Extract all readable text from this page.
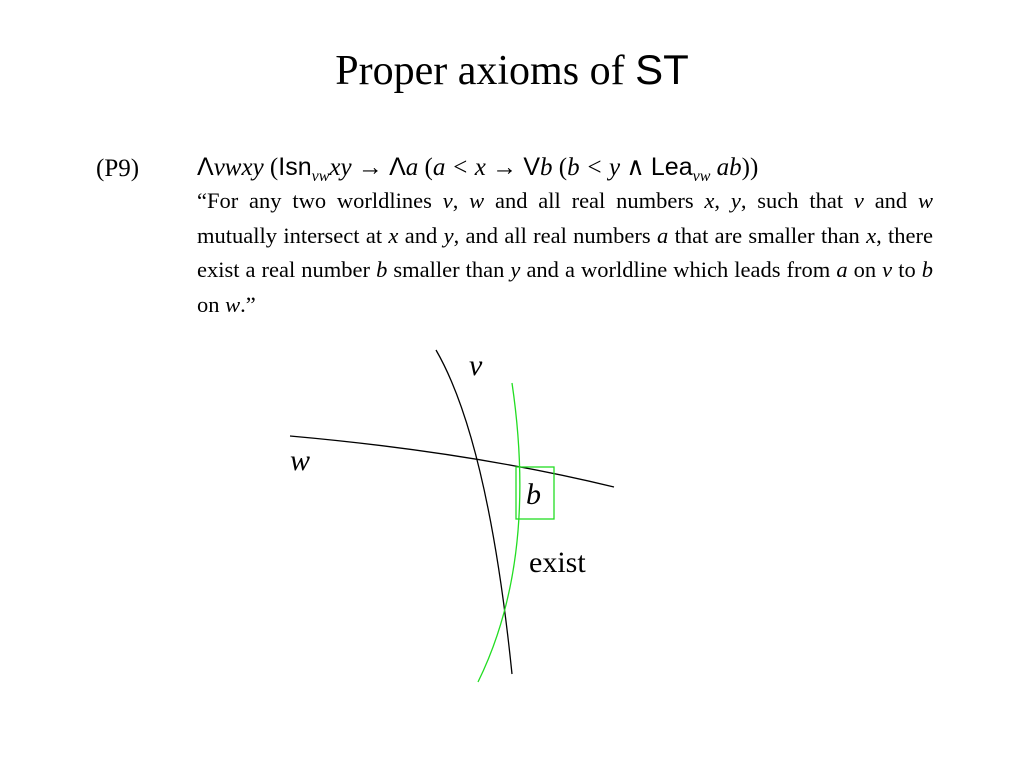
Proper axioms of ST
(P9) Λvwxy (Isn$_{vw}$xy → Λa (a < x → Vb (b < y ∧ Lea$_{vw}$ ab))
“For any two worldlines v, w and all real numbers x, y, such that v and w mutually intersect at x and y, and all real numbers a that are smaller than x, there exist a real number b smaller than y and a worldline which leads from a on v to b on w.”
v
w
b
exist
